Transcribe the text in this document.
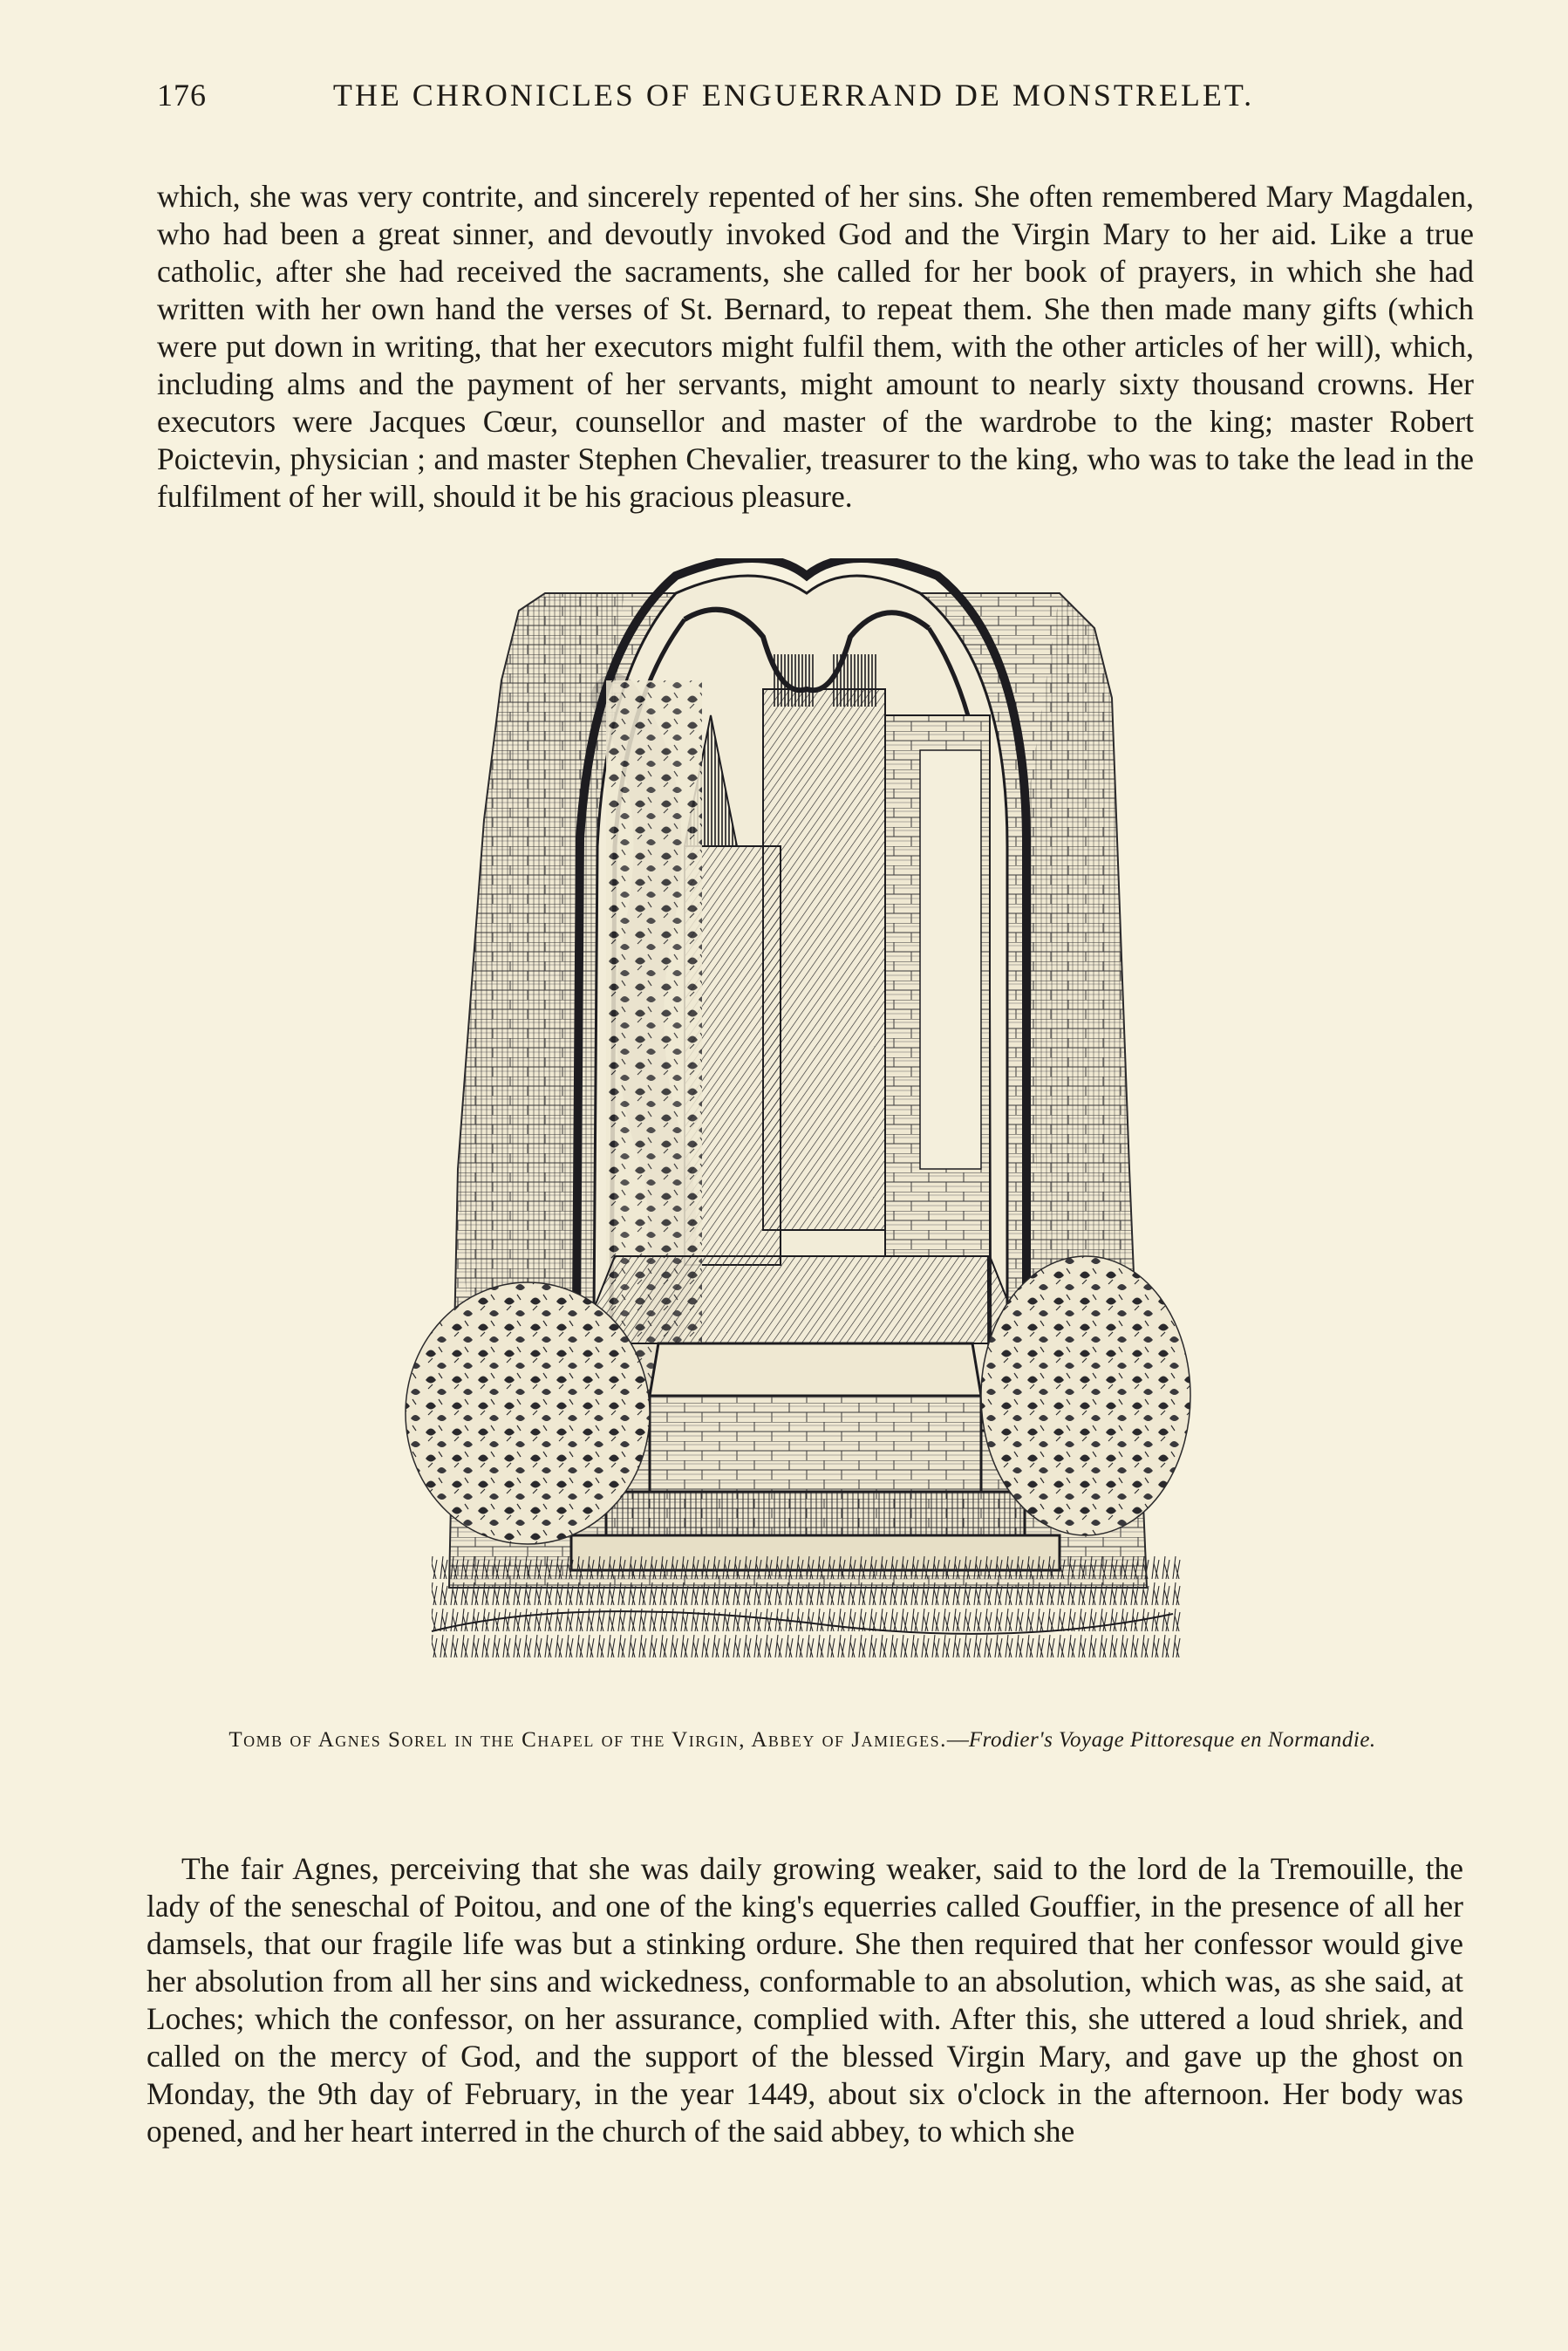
176	THE CHRONICLES OF ENGUERRAND DE MONSTRELET.

which, she was very contrite, and sincerely repented of her sins. She often remembered Mary Magdalen, who had been a great sinner, and devoutly invoked God and the Virgin Mary to her aid. Like a true catholic, after she had received the sacraments, she called for her book of prayers, in which she had written with her own hand the verses of St. Bernard, to repeat them. She then made many gifts (which were put down in writing, that her executors might fulfil them, with the other articles of her will), which, including alms and the payment of her servants, might amount to nearly sixty thousand crowns. Her executors were Jacques Cœur, counsellor and master of the wardrobe to the king; master Robert Poictevin, physician ; and master Stephen Chevalier, treasurer to the king, who was to take the lead in the fulfilment of her will, should it be his gracious pleasure.

Tomb of Agnes Sorel in the Chapel of the Virgin, Abbey of Jamieges.—Frodier's Voyage Pittoresque en Normandie.

The fair Agnes, perceiving that she was daily growing weaker, said to the lord de la Tremouille, the lady of the seneschal of Poitou, and one of the king's equerries called Gouffier, in the presence of all her damsels, that our fragile life was but a stinking ordure. She then required that her confessor would give her absolution from all her sins and wickedness, conformable to an absolution, which was, as she said, at Loches; which the confessor, on her assurance, complied with. After this, she uttered a loud shriek, and called on the mercy of God, and the support of the blessed Virgin Mary, and gave up the ghost on Monday, the 9th day of February, in the year 1449, about six o'clock in the afternoon. Her body was opened, and her heart interred in the church of the said abbey, to which she
